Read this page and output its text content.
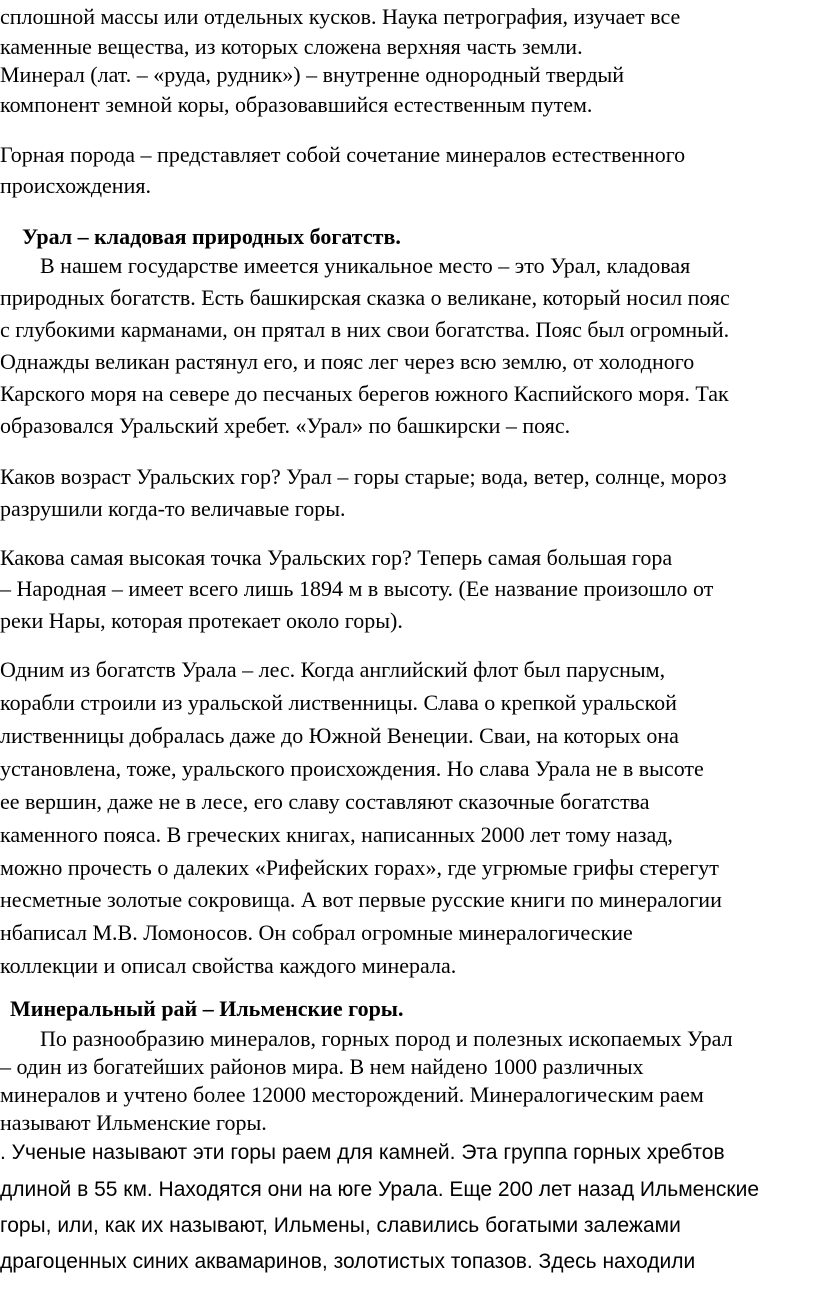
сплошной массы или отдельных кусков. Наука петрография, изучает все
каменные вещества, из которых сложена верхняя часть земли.
Минерал (лат. – «руда, рудник») – внутренне однородный твердый
компонент земной коры, образовавшийся естественным путем.
Горная порода – представляет собой сочетание минералов естественного
происхождения.
Урал – кладовая природных богатств.
В нашем государстве имеется уникальное место – это Урал, кладовая
природных богатств. Есть башкирская сказка о великане, который носил пояс
с глубокими карманами, он прятал в них свои богатства. Пояс был огромный.
Однажды великан растянул его, и пояс лег через всю землю, от холодного
Карского моря на севере до песчаных берегов южного Каспийского моря. Так
образовался Уральский хребет. «Урал» по башкирски – пояс.
Каков возраст Уральских гор? Урал – горы старые; вода, ветер, солнце, мороз
разрушили когда-то величавые горы.
Какова самая высокая точка Уральских гор? Теперь самая большая гора
– Народная – имеет всего лишь 1894 м в высоту. (Ее название произошло от
реки Нары, которая протекает около горы).
Одним из богатств Урала – лес. Когда английский флот был парусным,
корабли строили из уральской лиственницы. Слава о крепкой уральской
лиственницы добралась даже до Южной Венеции. Сваи, на которых она
установлена, тоже, уральского происхождения. Но слава Урала не в высоте
ее вершин, даже не в лесе, его славу составляют сказочные богатства
каменного пояса. В греческих книгах, написанных 2000 лет тому назад,
можно прочесть о далеких «Рифейских горах», где угрюмые грифы стерегут
несметные золотые сокровища. А вот первые русские книги по минералогии
нбаписал М.В. Ломоносов. Он собрал огромные минералогические
коллекции и описал свойства каждого минерала.
Минеральный рай – Ильменские горы.
По разнообразию минералов, горных пород и полезных ископаемых Урал
– один из богатейших районов мира. В нем найдено 1000 различных
минералов и учтено более 12000 месторождений. Минералогическим раем
называют Ильменские горы.
. Ученые называют эти горы раем для камней. Эта группа горных хребтов
длиной в 55 км. Находятся они на юге Урала. Еще 200 лет назад Ильменские
горы, или, как их называют, Ильмены, славились богатыми залежами
драгоценных синих аквамаринов, золотистых топазов. Здесь находили
